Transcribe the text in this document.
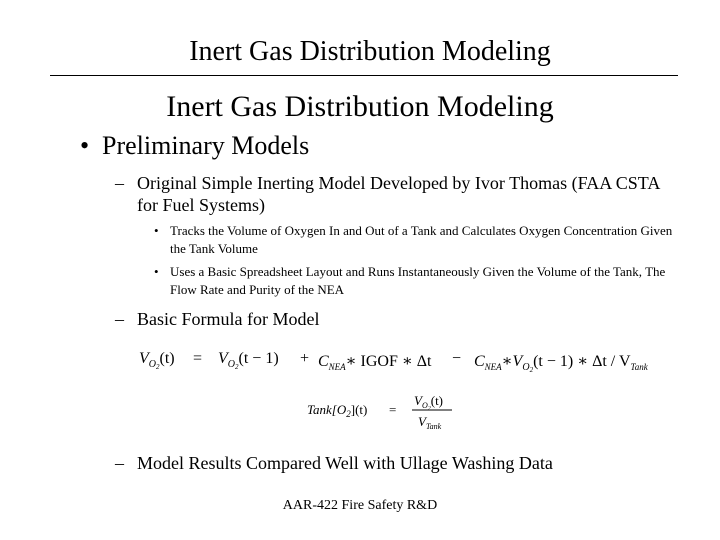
Inert Gas Distribution Modeling
Inert Gas Distribution Modeling
• Preliminary Models
– Original Simple Inerting Model Developed by Ivor Thomas (FAA CSTA for Fuel Systems)
• Tracks the Volume of Oxygen In and Out of a Tank and Calculates Oxygen Concentration Given the Tank Volume
• Uses a Basic Spreadsheet Layout and Runs Instantaneously Given the Volume of the Tank, The Flow Rate and Purity of the NEA
– Basic Formula for Model
$V_O2(t) = V_O2(t - 1)$ + $C_{NEA}∗$ IGOF ∗ $\Delta t - C_{NEA}∗V_O2(t - 1)$ ∗ Δt / $V_{Tank}$
$Tank[O_2](t)$ =
$V_O2(t)$
$V_{Tank}$
– Model Results Compared Well with Ullage Washing Data
AAR-422 Fire Safety R&D
